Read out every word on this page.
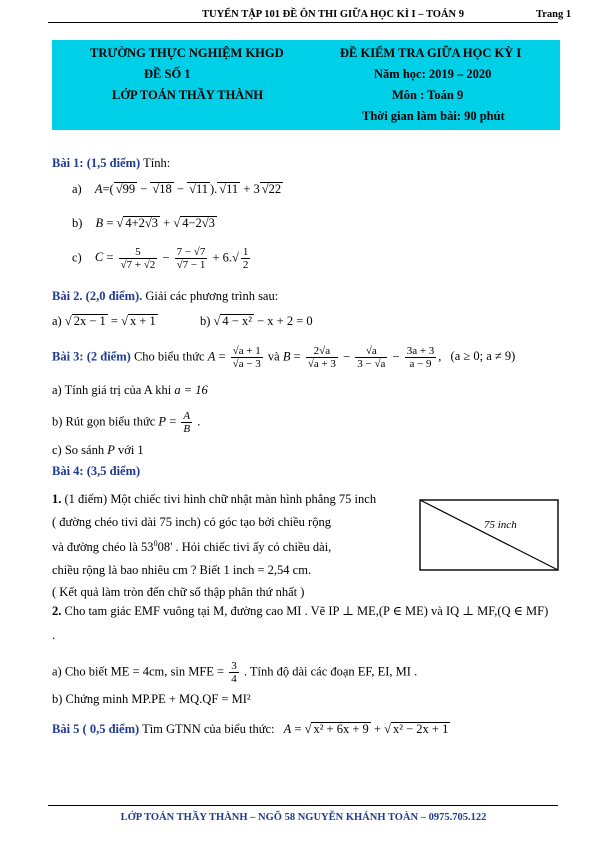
TUYỂN TẬP 101 ĐỀ ÔN THI GIỮA HỌC KÌ I – TOÁN 9	Trang 1
TRƯỜNG THỰC NGHIỆM KHGD
ĐỀ SỐ 1
LỚP TOÁN THẦY THÀNH
ĐỀ KIỂM TRA GIỮA HỌC KỲ I
Năm học: 2019 – 2020
Môn : Toán 9
Thời gian làm bài: 90 phút
Bài 1: (1,5 điểm) Tính:
a) A=( √99 − √18 − √11 ). √11 + 3 √22
b) B = √ 4+2√3 + √ 4−2√3
c) $C = \frac{5}{√7 + √2} - \frac{7 - √7}{√7 - 1} + 6.√ \frac{1}{2}$
Bài 2. (2,0 điểm). Giải các phương trình sau:
a) √ 2x − 1 = √ x + 1	b) √ 4 − x² − x + 2 = 0
Bài 3: (2 điểm) Cho biểu thức $A = \frac{√a + 1}{√a - 3}$ và $B = \frac{2√a}{√a + 3} - \frac{√a}{3 - √a} - \frac{3a + 3}{a - 9}$ , (a ≥ 0; a ≠ 9)
a) Tính giá trị của A khi a = 16
b) Rút gọn biểu thức $P = \frac{A}{B}$ .
c) So sánh P với 1
Bài 4: (3,5 điểm)
1. (1 điểm) Một chiếc tivi hình chữ nhật màn hình phẳng 75 inch
( đường chéo tivi dài 75 inch) có góc tạo bởi chiều rộng
và đường chéo là $53^008'$ . Hỏi chiếc tivi ấy có chiều dài,
chiều rộng là bao nhiêu cm ? Biết 1 inch = 2,54 cm.
( Kết quả làm tròn đến chữ số thập phân thứ nhất )
75 inch
2. Cho tam giác EMF vuông tại M, đường cao MI . Vẽ IP ⊥ ME,(P ∈ ME) và IQ ⊥ MF,(Q ∈ MF)
.
a) Cho biết ME = 4cm, sin MFE = $\frac{3}{4}$ . Tính độ dài các đoạn EF, EI, MI .
b) Chứng minh MP.PE + MQ.QF = MI²
Bài 5 ( 0,5 điểm) Tìm GTNN của biểu thức: A = √ x² + 6x + 9 + √ x² − 2x + 1
LỚP TOÁN THẦY THÀNH – NGÕ 58 NGUYỄN KHÁNH TOÀN – 0975.705.122
